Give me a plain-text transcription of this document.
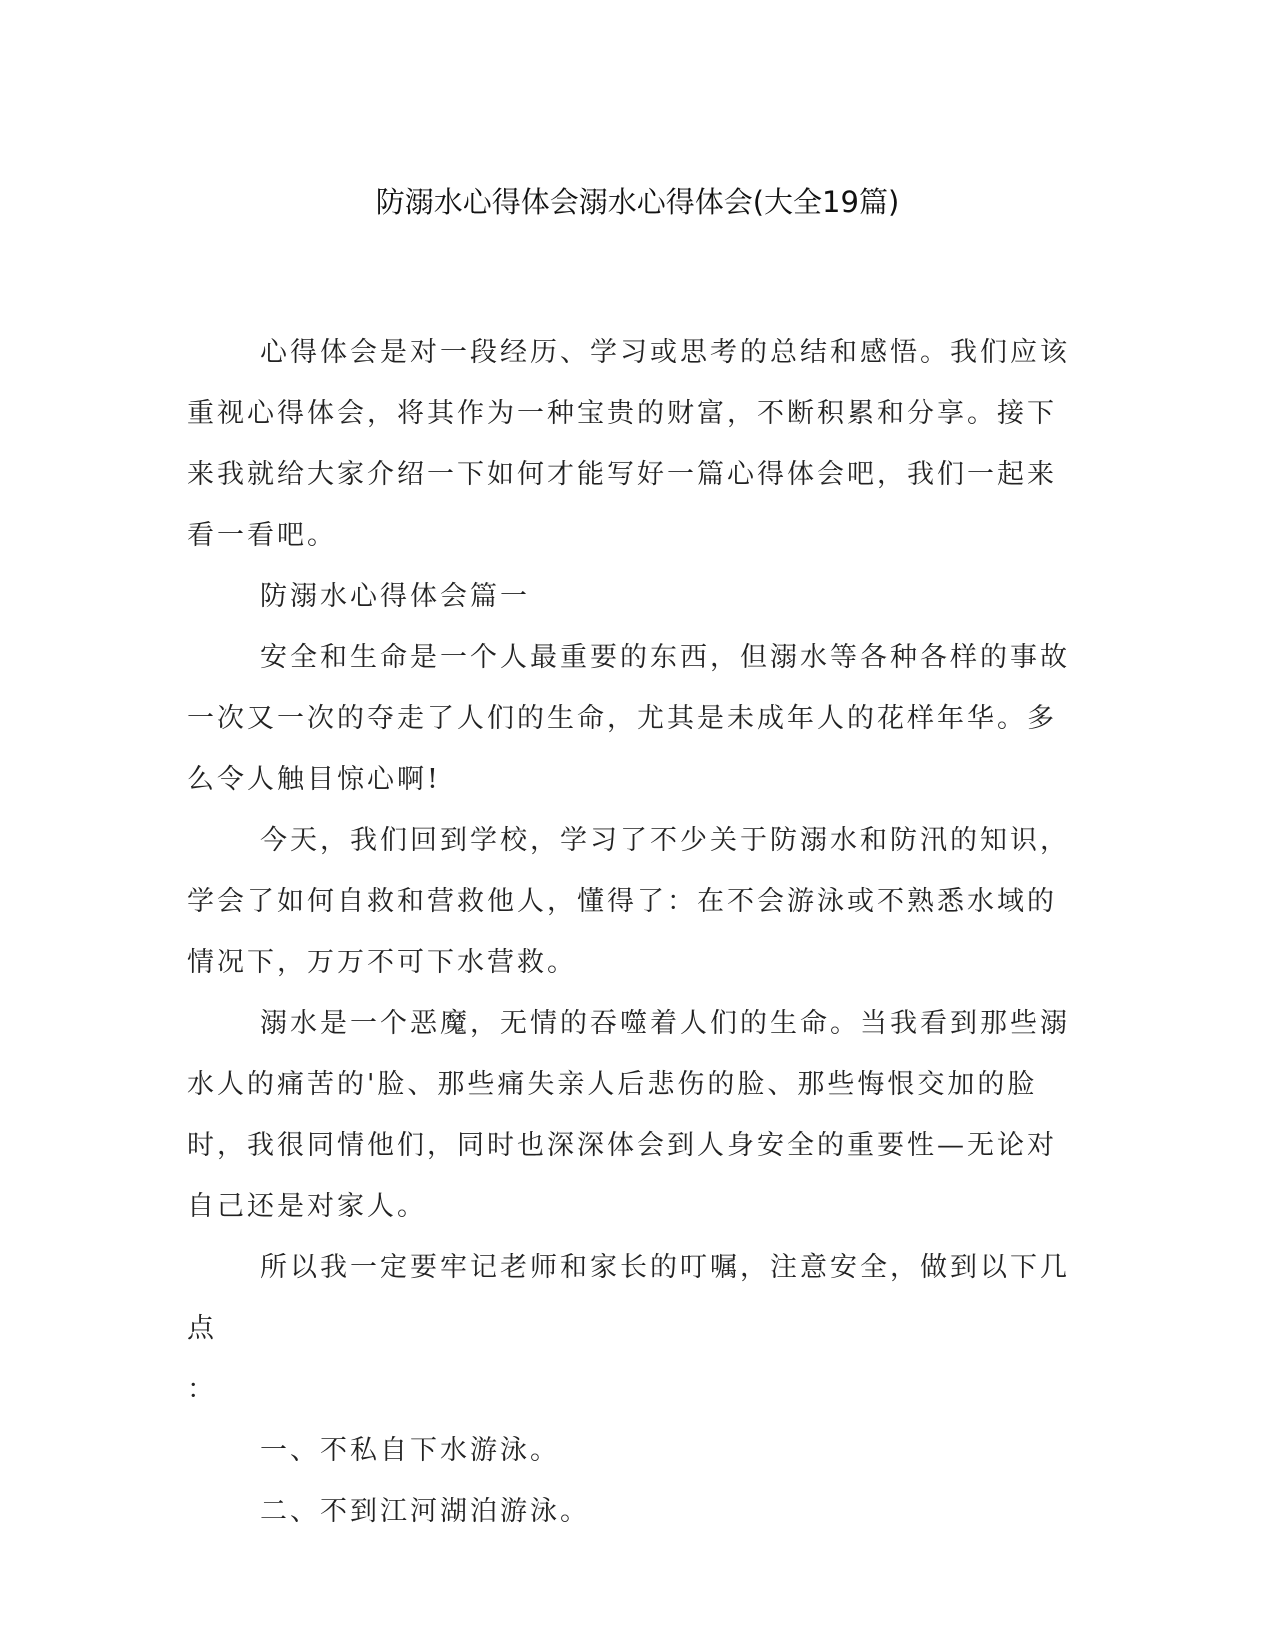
防溺水心得体会溺水心得体会(大全19篇)

心得体会是对一段经历、学习或思考的总结和感悟。我们应该重视心得体会，将其作为一种宝贵的财富，不断积累和分享。接下来我就给大家介绍一下如何才能写好一篇心得体会吧，我们一起来看一看吧。

防溺水心得体会篇一

安全和生命是一个人最重要的东西，但溺水等各种各样的事故一次又一次的夺走了人们的生命，尤其是未成年人的花样年华。多么令人触目惊心啊!

今天，我们回到学校，学习了不少关于防溺水和防汛的知识，学会了如何自救和营救他人，懂得了：在不会游泳或不熟悉水域的情况下，万万不可下水营救。

溺水是一个恶魔，无情的吞噬着人们的生命。当我看到那些溺水人的痛苦的'脸、那些痛失亲人后悲伤的脸、那些悔恨交加的脸时，我很同情他们，同时也深深体会到人身安全的重要性—无论对自己还是对家人。

所以我一定要牢记老师和家长的叮嘱，注意安全，做到以下几点

：

一、不私自下水游泳。

二、不到江河湖泊游泳。
